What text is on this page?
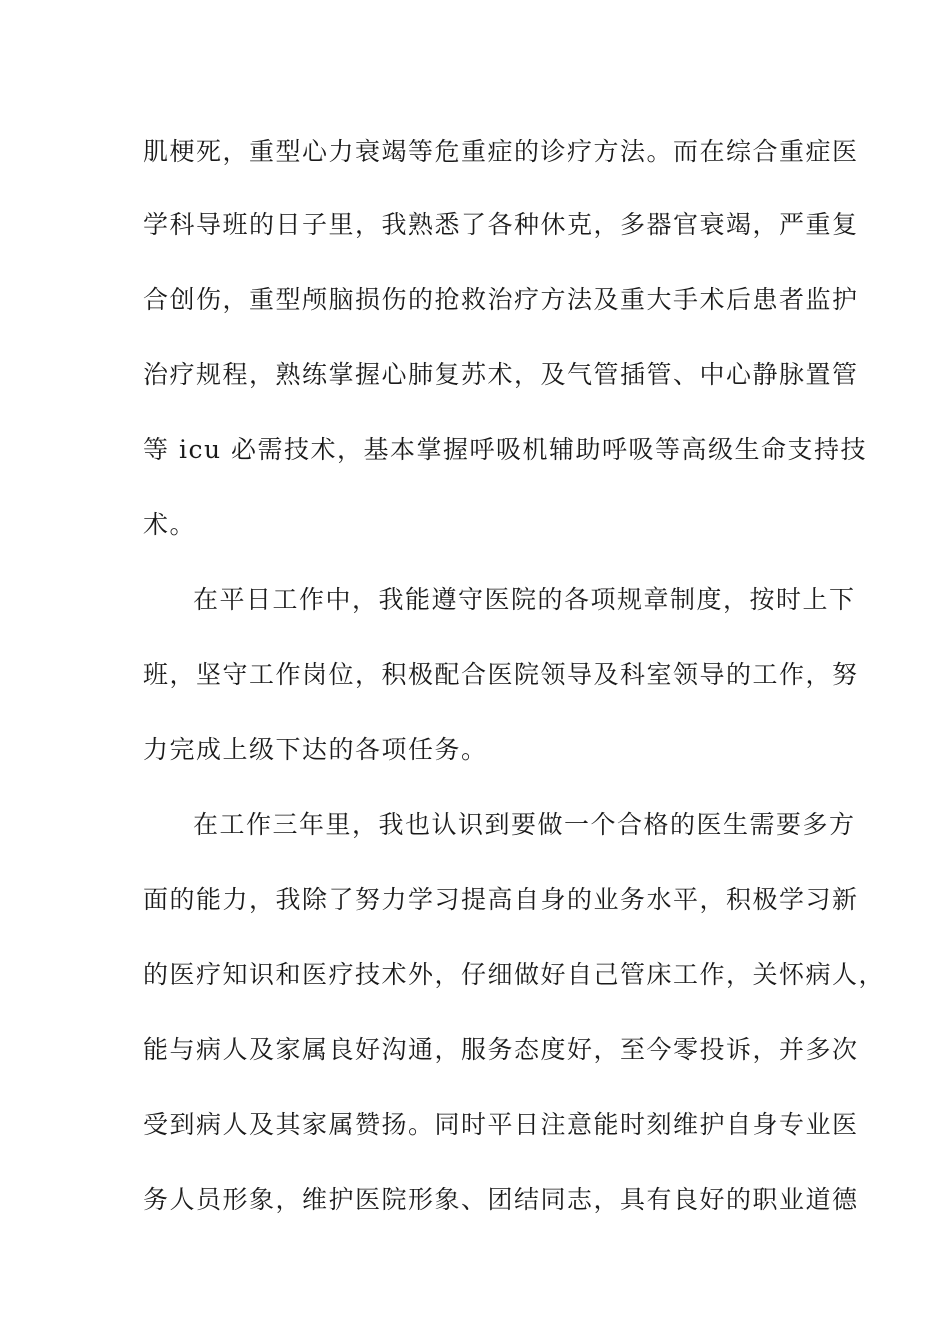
肌梗死，重型心力衰竭等危重症的诊疗方法。而在综合重症医

学科导班的日子里，我熟悉了各种休克，多器官衰竭，严重复

合创伤，重型颅脑损伤的抢救治疗方法及重大手术后患者监护

治疗规程，熟练掌握心肺复苏术，及气管插管、中心静脉置管

等 icu 必需技术，基本掌握呼吸机辅助呼吸等高级生命支持技

术。

在平日工作中，我能遵守医院的各项规章制度，按时上下

班，坚守工作岗位，积极配合医院领导及科室领导的工作，努

力完成上级下达的各项任务。

在工作三年里，我也认识到要做一个合格的医生需要多方

面的能力，我除了努力学习提高自身的业务水平，积极学习新

的医疗知识和医疗技术外，仔细做好自己管床工作，关怀病人，

能与病人及家属良好沟通，服务态度好，至今零投诉，并多次

受到病人及其家属赞扬。同时平日注意能时刻维护自身专业医

务人员形象，维护医院形象、团结同志，具有良好的职业道德
